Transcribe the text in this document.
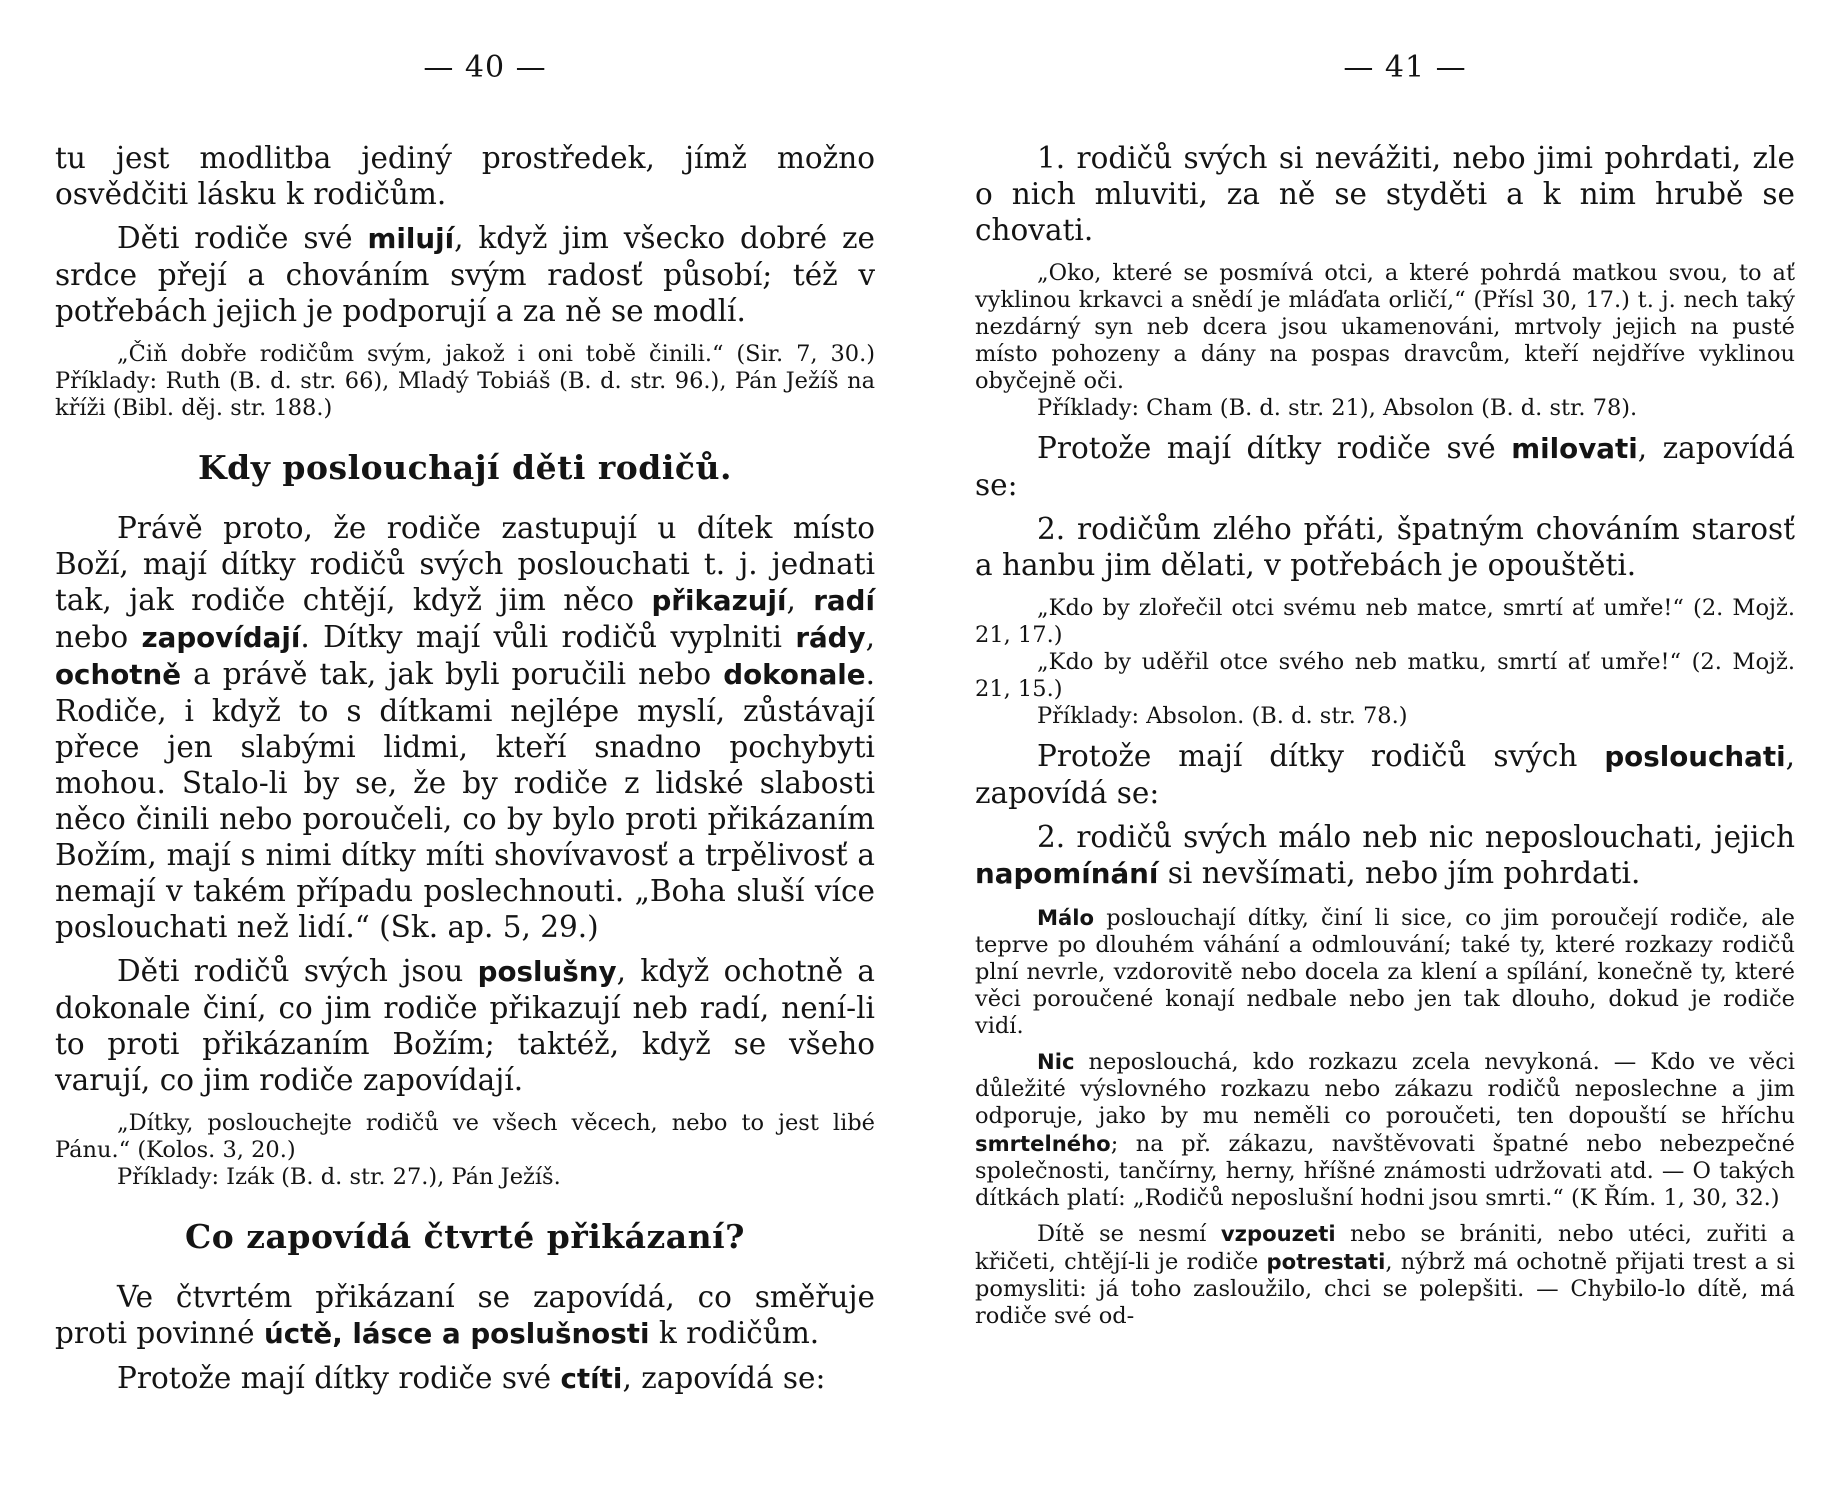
— 40 —

tu jest modlitba jediný prostředek, jímž možno osvědčiti lásku k rodičům.

Děti rodiče své milují, když jim všecko dobré ze srdce přejí a chováním svým radosť působí; též v potřebách jejich je podporují a za ně se modlí.

„Čiň dobře rodičům svým, jakož i oni tobě činili.“ (Sir. 7, 30.) Příklady: Ruth (B. d. str. 66), Mladý Tobiáš (B. d. str. 96.), Pán Ježíš na kříži (Bibl. děj. str. 188.)

Kdy poslouchají děti rodičů.

Právě proto, že rodiče zastupují u dítek místo Boží, mají dítky rodičů svých poslouchati t. j. jednati tak, jak rodiče chtějí, když jim něco přikazují, radí nebo zapovídají. Dítky mají vůli rodičů vyplniti rády, ochotně a právě tak, jak byli poručili nebo dokonale. Rodiče, i když to s dítkami nejlépe myslí, zůstávají přece jen slabými lidmi, kteří snadno pochybyti mohou. Stalo-li by se, že by rodiče z lidské slabosti něco činili nebo poroučeli, co by bylo proti přikázaním Božím, mají s nimi dítky míti shovívavosť a trpělivosť a nemají v takém případu poslechnouti. „Boha sluší více poslouchati než lidí.“ (Sk. ap. 5, 29.)

Děti rodičů svých jsou poslušny, když ochotně a dokonale činí, co jim rodiče přikazují neb radí, není-li to proti přikázaním Božím; taktéž, když se všeho varují, co jim rodiče zapovídají.

„Dítky, poslouchejte rodičů ve všech věcech, nebo to jest libé Pánu.“ (Kolos. 3, 20.)

Příklady: Izák (B. d. str. 27.), Pán Ježíš.

Co zapovídá čtvrté přikázaní?

Ve čtvrtém přikázaní se zapovídá, co směřuje proti povinné úctě, lásce a poslušnosti k rodičům.

Protože mají dítky rodiče své ctíti, zapovídá se:

— 41 —

1. rodičů svých si nevážiti, nebo jimi pohrdati, zle o nich mluviti, za ně se styděti a k nim hrubě se chovati.

„Oko, které se posmívá otci, a které pohrdá matkou svou, to ať vyklinou krkavci a snědí je mláďata orličí,“ (Přísl 30, 17.) t. j. nech taký nezdárný syn neb dcera jsou ukamenováni, mrtvoly jejich na pusté místo pohozeny a dány na pospas dravcům, kteří nejdříve vyklinou obyčejně oči.

Příklady: Cham (B. d. str. 21), Absolon (B. d. str. 78).

Protože mají dítky rodiče své milovati, zapovídá se:

2. rodičům zlého přáti, špatným chováním starosť a hanbu jim dělati, v potřebách je opouštěti.

„Kdo by zlořečil otci svému neb matce, smrtí ať umře!“ (2. Mojž. 21, 17.)

„Kdo by uděřil otce svého neb matku, smrtí ať umře!“ (2. Mojž. 21, 15.)

Příklady: Absolon. (B. d. str. 78.)

Protože mají dítky rodičů svých poslouchati, zapovídá se:

2. rodičů svých málo neb nic neposlouchati, jejich napomínání si nevšímati, nebo jím pohrdati.

Málo poslouchají dítky, činí li sice, co jim poroučejí rodiče, ale teprve po dlouhém váhání a odmlouvání; také ty, které rozkazy rodičů plní nevrle, vzdorovitě nebo docela za klení a spílání, konečně ty, které věci poroučené konají nedbale nebo jen tak dlouho, dokud je rodiče vidí.

Nic neposlouchá, kdo rozkazu zcela nevykoná. — Kdo ve věci důležité výslovného rozkazu nebo zákazu rodičů neposlechne a jim odporuje, jako by mu neměli co poroučeti, ten dopouští se hříchu smrtelného; na př. zákazu, navštěvovati špatné nebo nebezpečné společnosti, tančírny, herny, hříšné známosti udržovati atd. — O takých dítkách platí: „Rodičů neposlušní hodni jsou smrti.“ (K Řím. 1, 30, 32.)

Dítě se nesmí vzpouzeti nebo se brániti, nebo utéci, zuřiti a křičeti, chtějí-li je rodiče potrestati, nýbrž má ochotně přijati trest a si pomysliti: já toho zasloužilo, chci se polepšiti. — Chybilo-lo dítě, má rodiče své od-
